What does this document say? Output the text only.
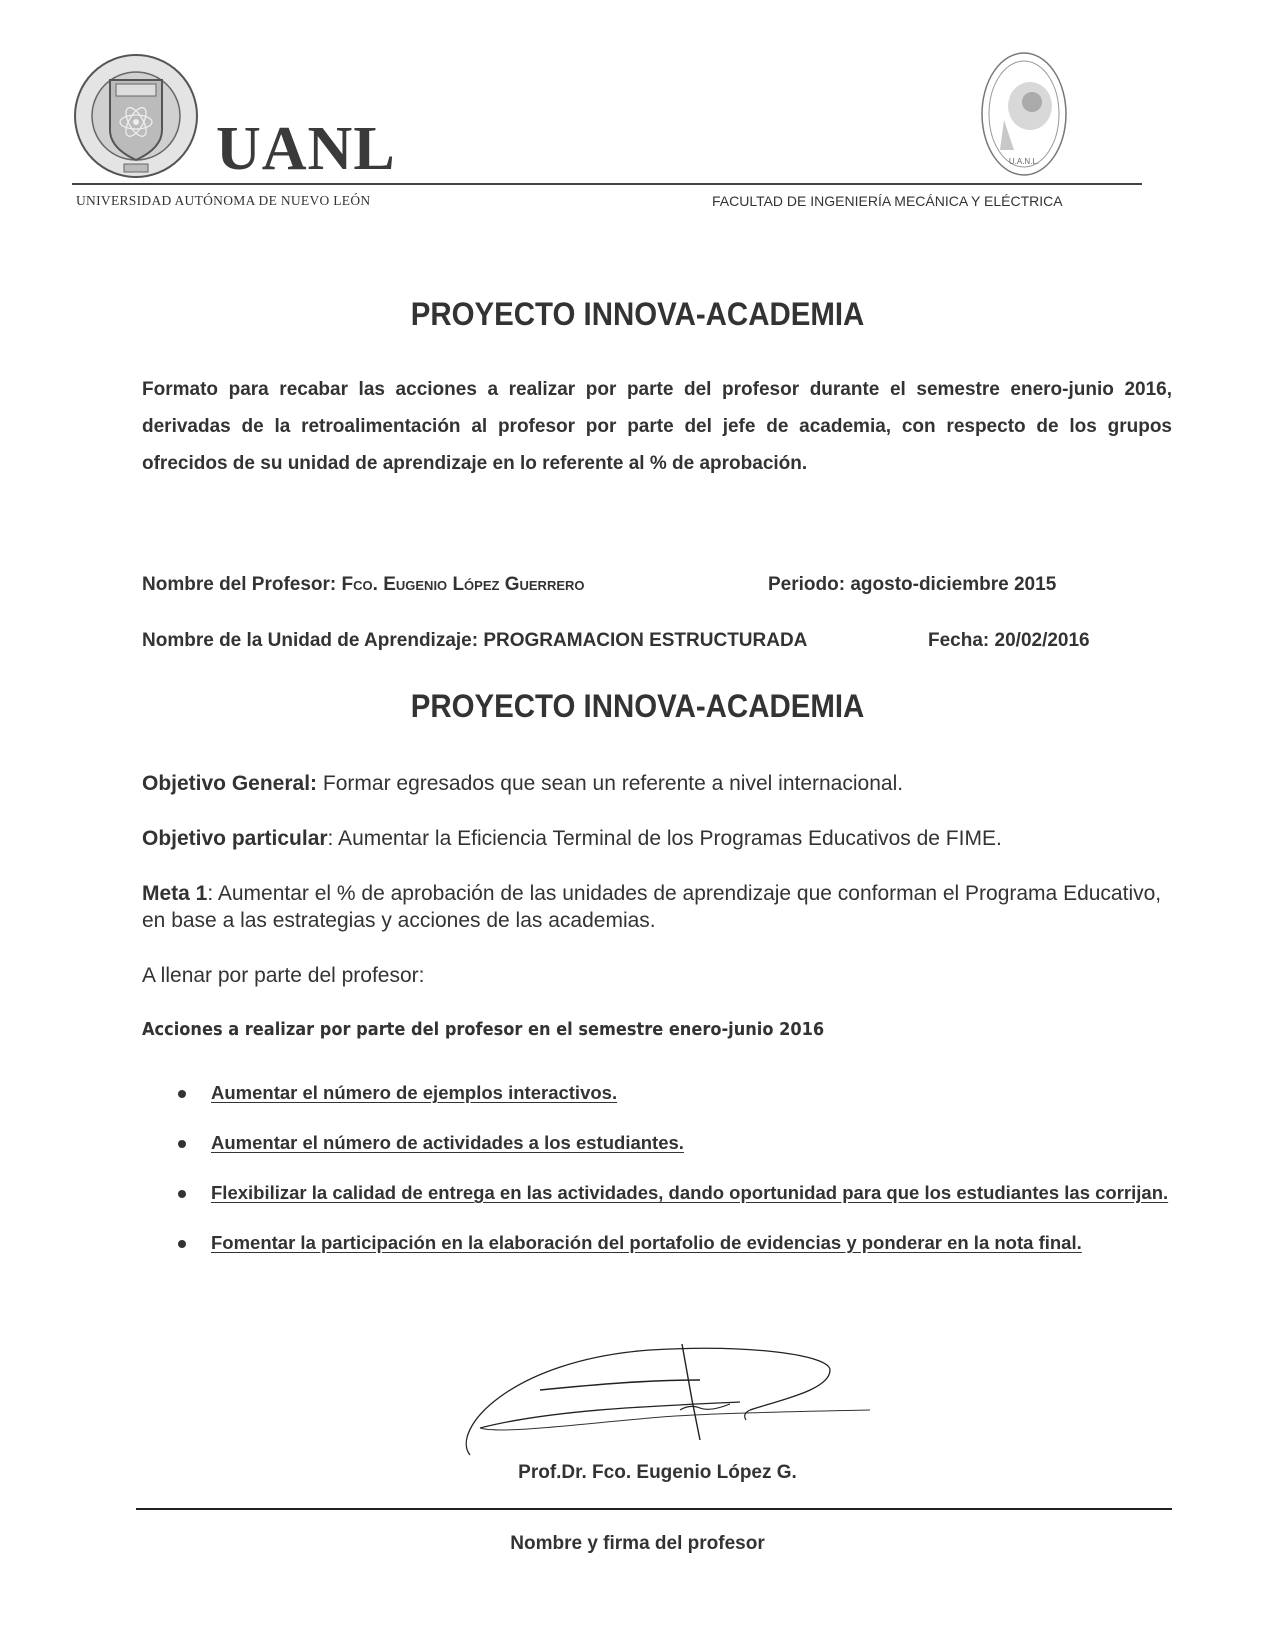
UANL
UNIVERSIDAD AUTÓNOMA DE NUEVO LEÓN	FACULTAD DE INGENIERÍA MECÁNICA Y ELÉCTRICA
U.A.N.L.
PROYECTO INNOVA-ACADEMIA
Formato para recabar las acciones a realizar por parte del profesor durante el semestre enero-junio 2016, derivadas de la retroalimentación al profesor por parte del jefe de academia, con respecto de los grupos ofrecidos de su unidad de aprendizaje en lo referente al % de aprobación.
Nombre del Profesor: Fco. Eugenio López Guerrero	Periodo: agosto-diciembre 2015
Nombre de la Unidad de Aprendizaje: PROGRAMACION ESTRUCTURADA	Fecha: 20/02/2016
PROYECTO INNOVA-ACADEMIA
Objetivo General: Formar egresados que sean un referente a nivel internacional.
Objetivo particular: Aumentar la Eficiencia Terminal de los Programas Educativos de FIME.
Meta 1: Aumentar el % de aprobación de las unidades de aprendizaje que conforman el Programa Educativo, en base a las estrategias y acciones de las academias.
A llenar por parte del profesor:
Acciones a realizar por parte del profesor en el semestre enero-junio 2016
Aumentar el número de ejemplos interactivos.
Aumentar el número de actividades a los estudiantes.
Flexibilizar la calidad de entrega en las actividades, dando oportunidad para que los estudiantes las corrijan.
Fomentar la participación en la elaboración del portafolio de evidencias y ponderar en la nota final.
Prof.Dr. Fco. Eugenio López G.
Nombre y firma del profesor
